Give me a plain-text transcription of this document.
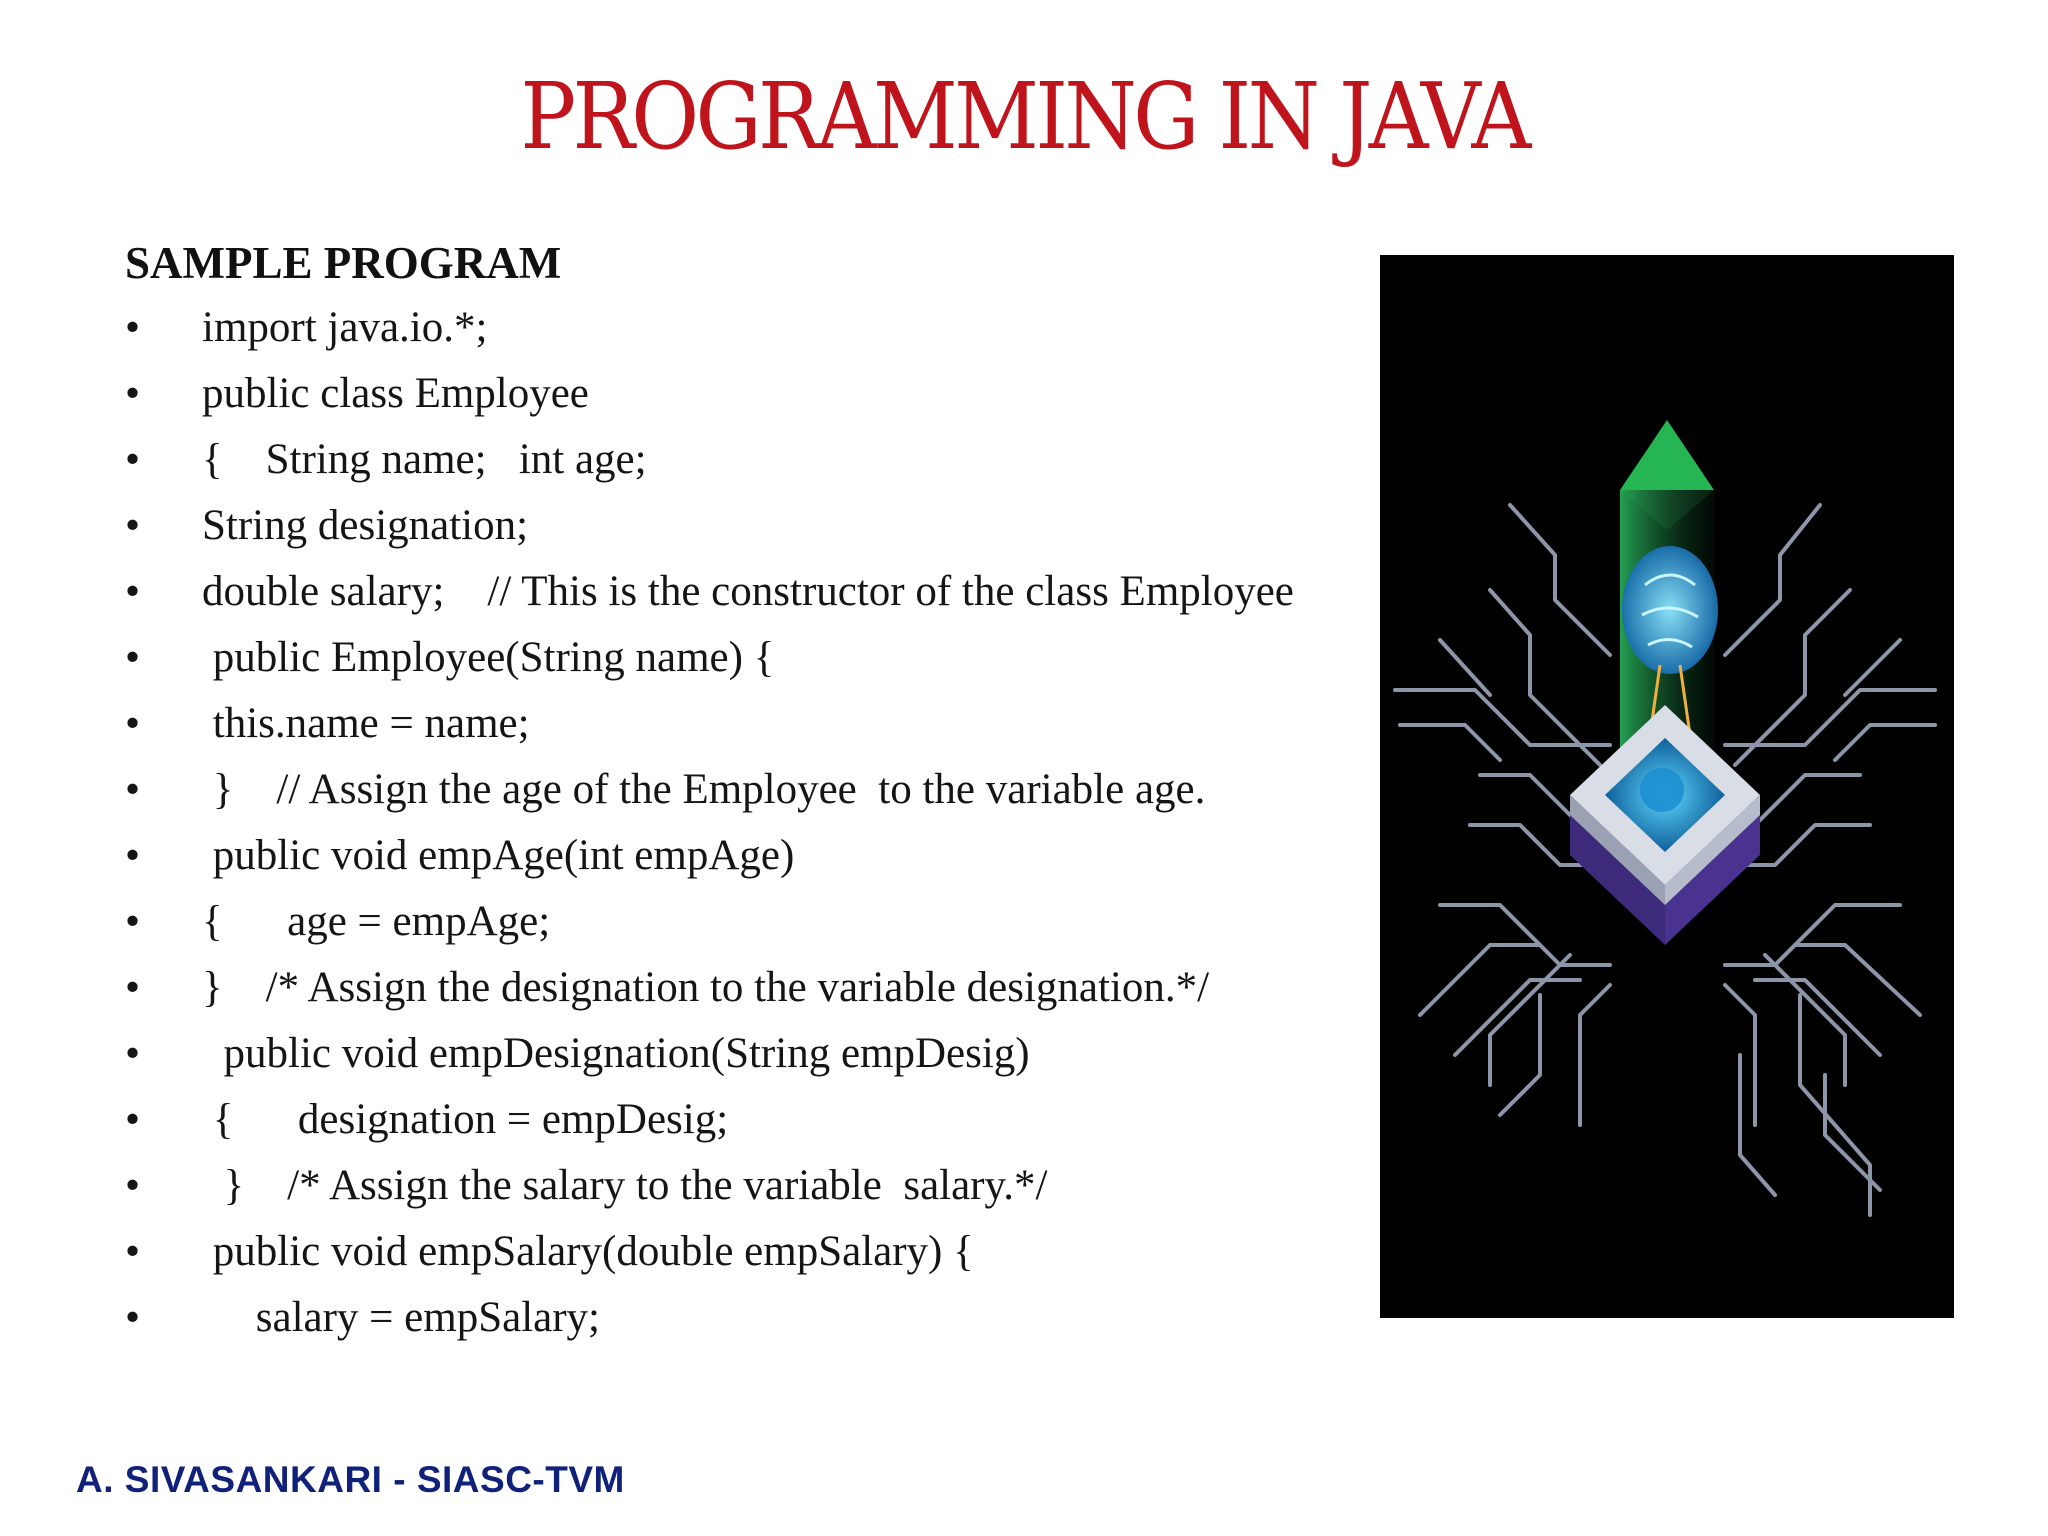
PROGRAMMING IN JAVA
SAMPLE PROGRAM
• import java.io.*;
• public class Employee
• {    String name;   int age;
• String designation;
• double salary;    // This is the constructor of the class Employee
• public Employee(String name) {
• this.name = name;
• }    // Assign the age of the Employee  to the variable age.
• public void empAge(int empAge)
• {      age = empAge;
• }    /* Assign the designation to the variable designation.*/
• public void empDesignation(String empDesig)
• {      designation = empDesig;
• }    /* Assign the salary to the variable  salary.*/
• public void empSalary(double empSalary) {
• salary = empSalary;
A. SIVASANKARI - SIASC-TVM
